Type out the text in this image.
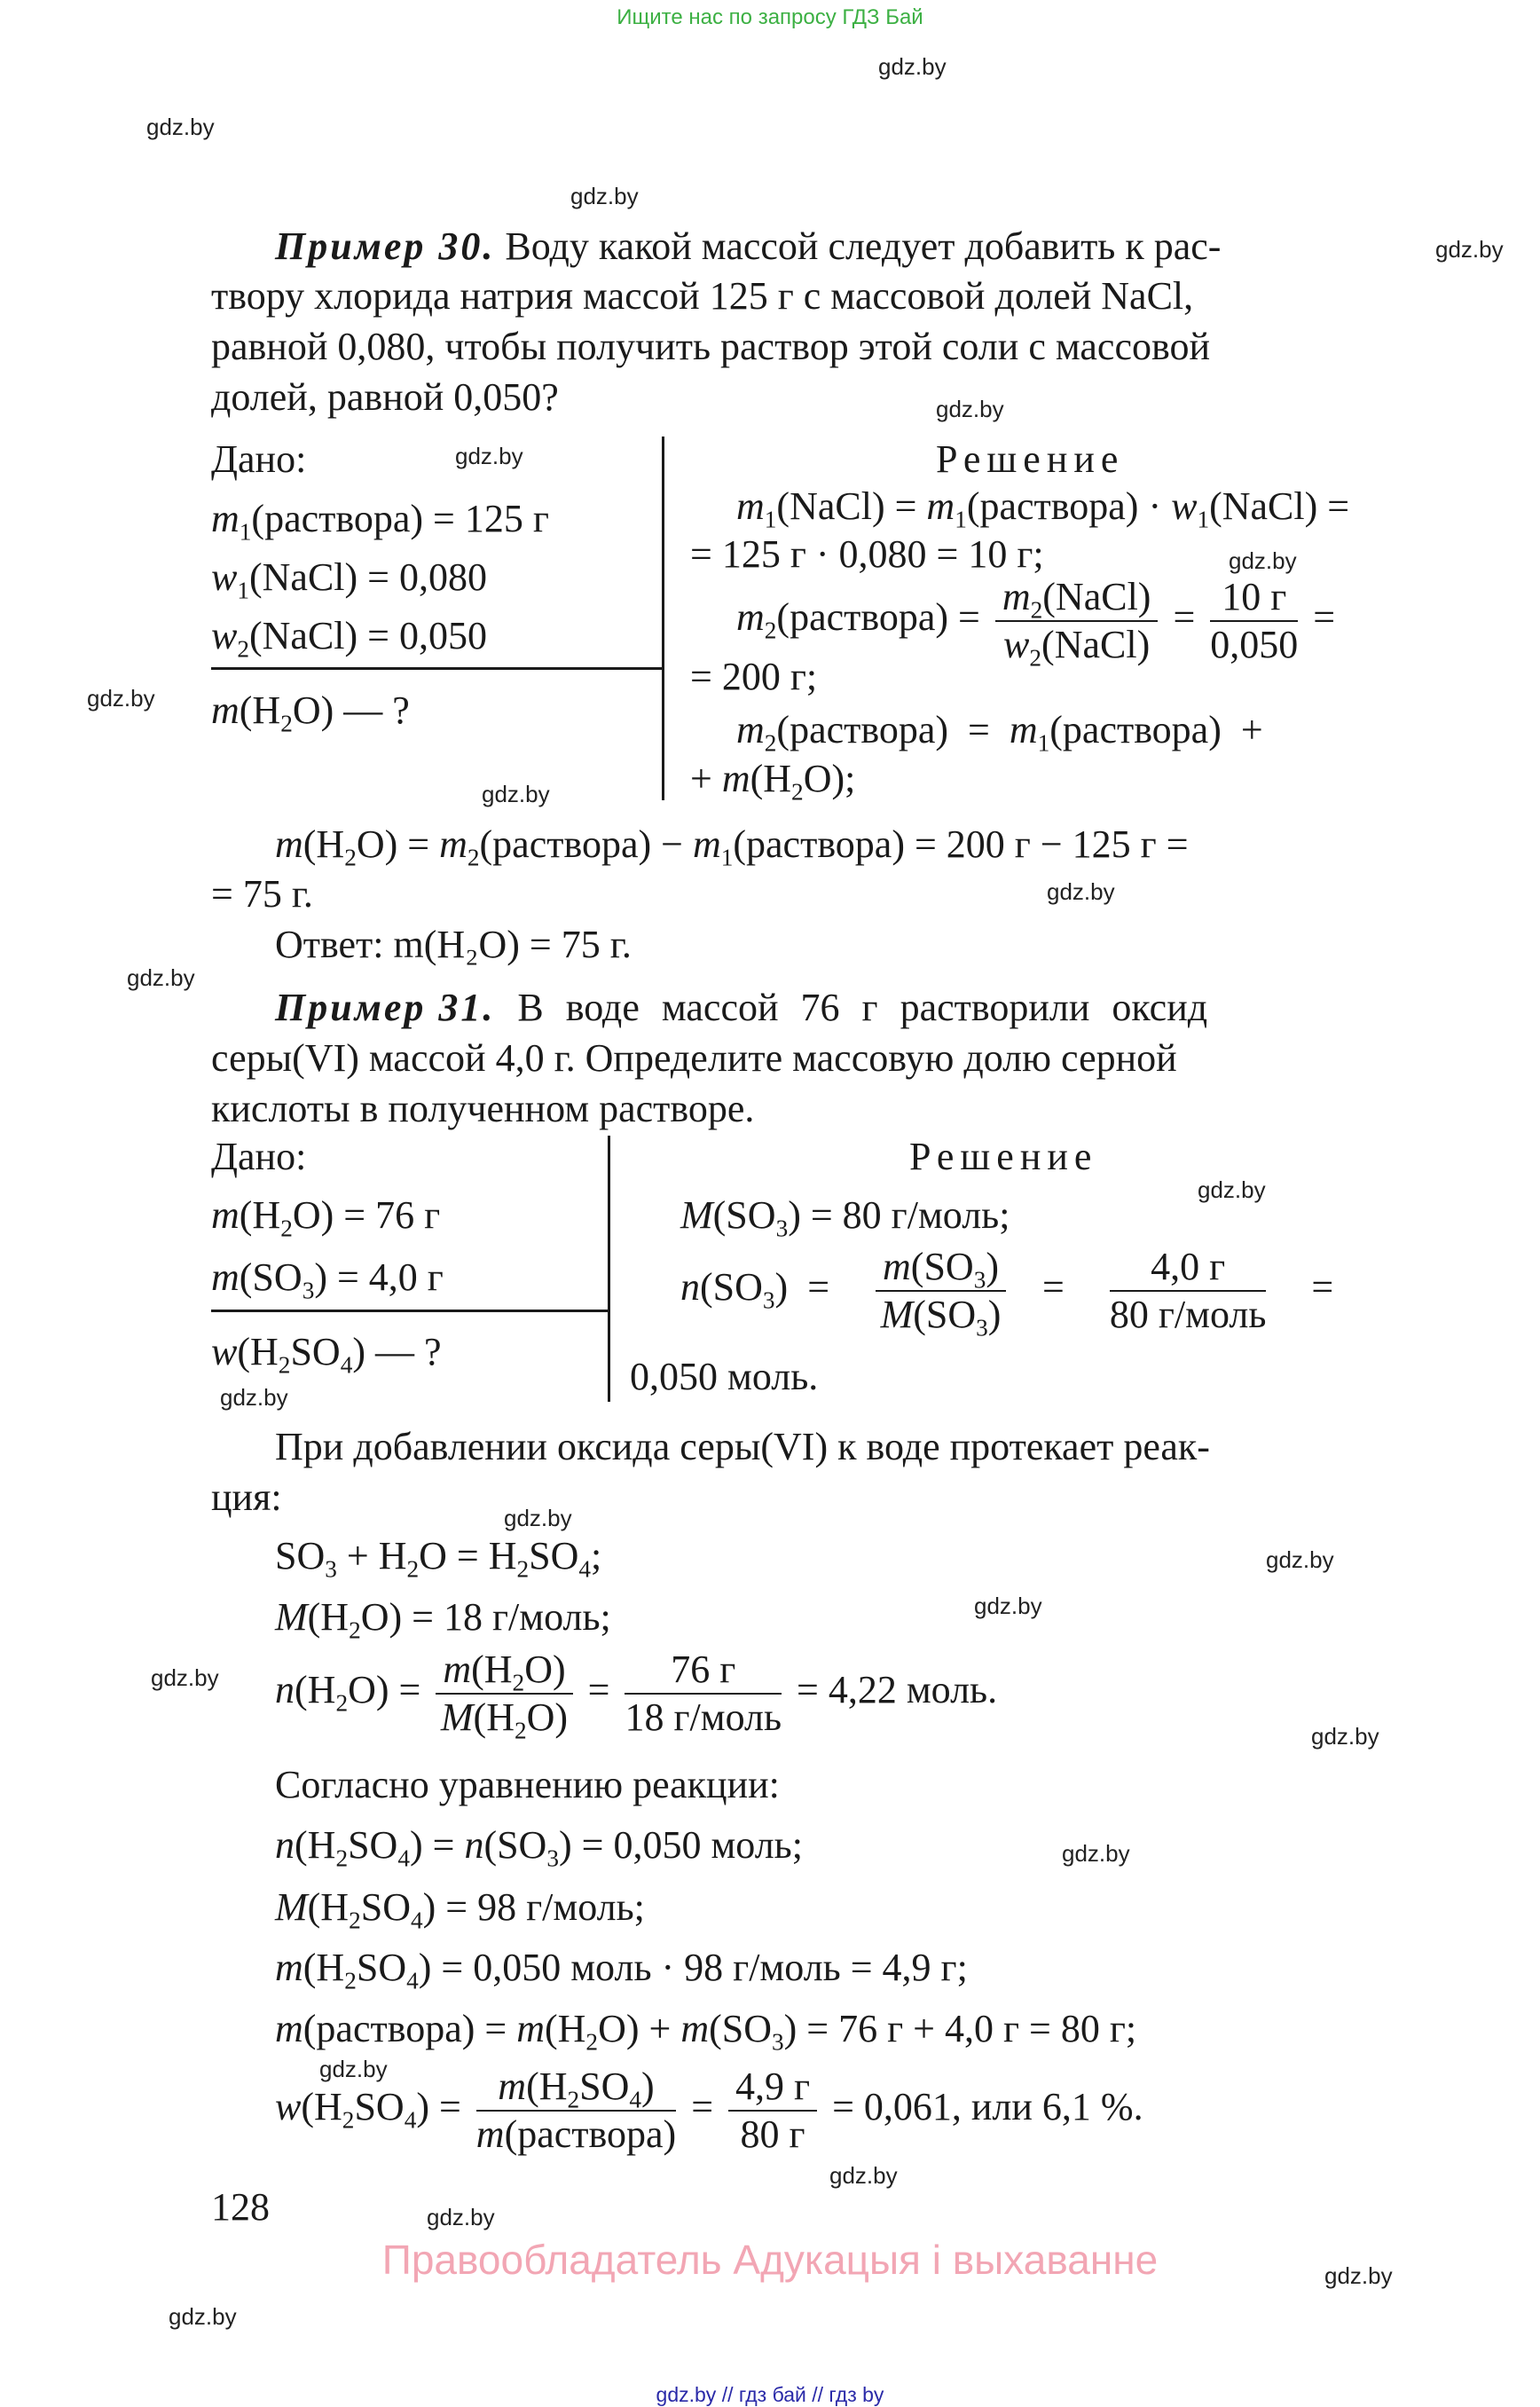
Ищите нас по запросу ГДЗ Бай
gdz.by
gdz.by
gdz.by
gdz.by
gdz.by
gdz.by
gdz.by
gdz.by
gdz.by
gdz.by
gdz.by
gdz.by
gdz.by
gdz.by
gdz.by
gdz.by
gdz.by
gdz.by
gdz.by
gdz.by
gdz.by
gdz.by
gdz.by
gdz.by
Пример 30. Воду какой массой следует добавить к рас-
твору хлорида натрия массой 125 г с массовой долей NaCl,
равной 0,080, чтобы получить раствор этой соли с массовой
долей, равной 0,050?
Дано:
$m_1(раствора) = 125$ г
$w_1(NaCl) = 0,080$
$w_2(NaCl) = 0,050$
$m(H_2O)$ — ?
Решение
$m_1(NaCl)$ = $m_1(раствора)$ · $w_1(NaCl)$ =
= 125 г · 0,080 = 10 г;
$m_2(раствора) = \frac{m_2(NaCl)}{w_2(NaCl)} = \frac{10 г}{0,050}$ =
= 200 г;
$m_2(раствора)$  =  $m_1(раствора)$  +
+ $m(H_2O)$;
$m(H_2O)$ = $m_2(раствора)$ − $m_1(раствора) = 200$ г − 125 г =
= 75 г.
Ответ: m(H₂O) = 75 г.
Пример 31. В воде массой 76 г растворили оксид
серы(VI) массой 4,0 г. Определите массовую долю серной
кислоты в полученном растворе.
Дано:
$m(H_2O) = 76$ г
$m(SO_3) = 4,0$ г
$w(H_2SO_4)$ — ?
Решение
$M(SO_3) = 80$ г/моль;
$n(SO_3) = \frac{m(SO_3)}{M(SO_3)} = \frac{4,0 г}{\text{80 г/моль}}$ =
0,050 моль.
При добавлении оксида серы(VI) к воде протекает реак-
ция:
$SO_3 + H_2O = H_2SO_4$;
$M(H_2O) = 18$ г/моль;
$n(H_2O) = \frac{m(H_2O)}{M(H_2O)} = \frac{76 г}{\text{18 г/моль}} = 4,22$ моль.
Согласно уравнению реакции:
$n(H_2SO_4) = n(SO_3) = 0,050$ моль;
$M(H_2SO_4) = 98$ г/моль;
$m(H_2SO_4) = 0,050$ моль · 98 г/моль = 4,9 г;
m(раствора) = $m(H_2O) + m(SO_3) = 76$ г + 4,0 г = 80 г;
$w(H_2SO_4) = \frac{m(H_2SO_4)}{\text{m(раствора)}} = \frac{4,9 г}{80 г} = 0,061$, или 6,1 %.
128
Правообладатель Адукацыя і выхаванне
gdz.by // гдз бай // гдз by
